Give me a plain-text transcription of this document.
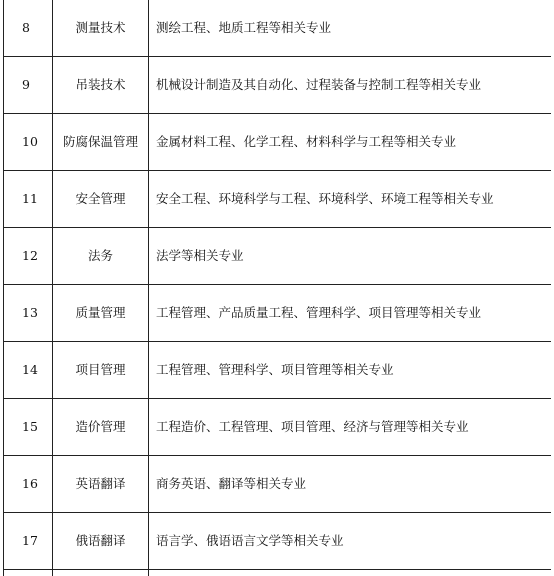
8	测量技术	测绘工程、地质工程等相关专业
9	吊装技术	机械设计制造及其自动化、过程装备与控制工程等相关专业
10	防腐保温管理	金属材料工程、化学工程、材料科学与工程等相关专业
11	安全管理	安全工程、环境科学与工程、环境科学、环境工程等相关专业
12	法务	法学等相关专业
13	质量管理	工程管理、产品质量工程、管理科学、项目管理等相关专业
14	项目管理	工程管理、管理科学、项目管理等相关专业
15	造价管理	工程造价、工程管理、项目管理、经济与管理等相关专业
16	英语翻译	商务英语、翻译等相关专业
17	俄语翻译	语言学、俄语语言文学等相关专业
